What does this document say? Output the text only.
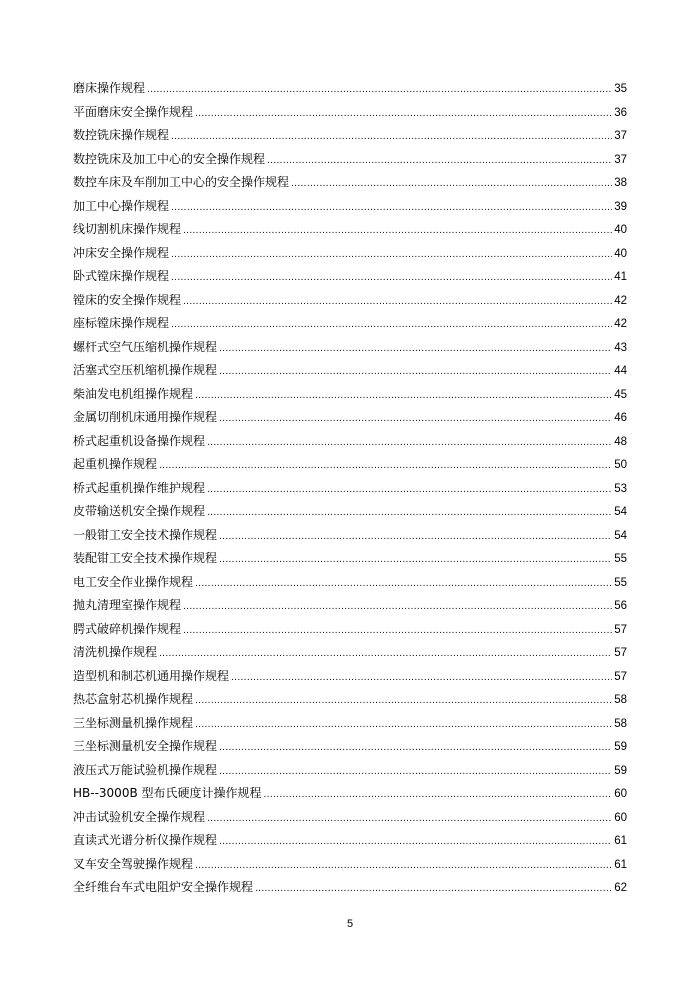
磨床操作规程 .....	35
平面磨床安全操作规程 .....	36
数控铣床操作规程 .....	37
数控铣床及加工中心的安全操作规程 .....	37
数控车床及车削加工中心的安全操作规程 .....	38
加工中心操作规程 .....	39
线切割机床操作规程 .....	40
冲床安全操作规程 .....	40
卧式镗床操作规程 .....	41
镗床的安全操作规程 .....	42
座标镗床操作规程 .....	42
螺杆式空气压缩机操作规程 .....	43
活塞式空压机缩机操作规程 .....	44
柴油发电机组操作规程 .....	45
金属切削机床通用操作规程 .....	46
桥式起重机设备操作规程 .....	48
起重机操作规程 .....	50
桥式起重机操作维护规程 .....	53
皮带输送机安全操作规程 .....	54
一般钳工安全技术操作规程 .....	54
装配钳工安全技术操作规程 .....	55
电工安全作业操作规程 .....	55
抛丸清理室操作规程 .....	56
腭式破碎机操作规程 .....	57
清洗机操作规程 .....	57
造型机和制芯机通用操作规程 .....	57
热芯盒射芯机操作规程 .....	58
三坐标测量机操作规程 .....	58
三坐标测量机安全操作规程 .....	59
液压式万能试验机操作规程 .....	59
HB--3000B 型布氏硬度计操作规程 .....	60
冲击试验机安全操作规程 .....	60
直读式光谱分析仪操作规程 .....	61
叉车安全驾驶操作规程 .....	61
全纤维台车式电阻炉安全操作规程 .....	62
5
